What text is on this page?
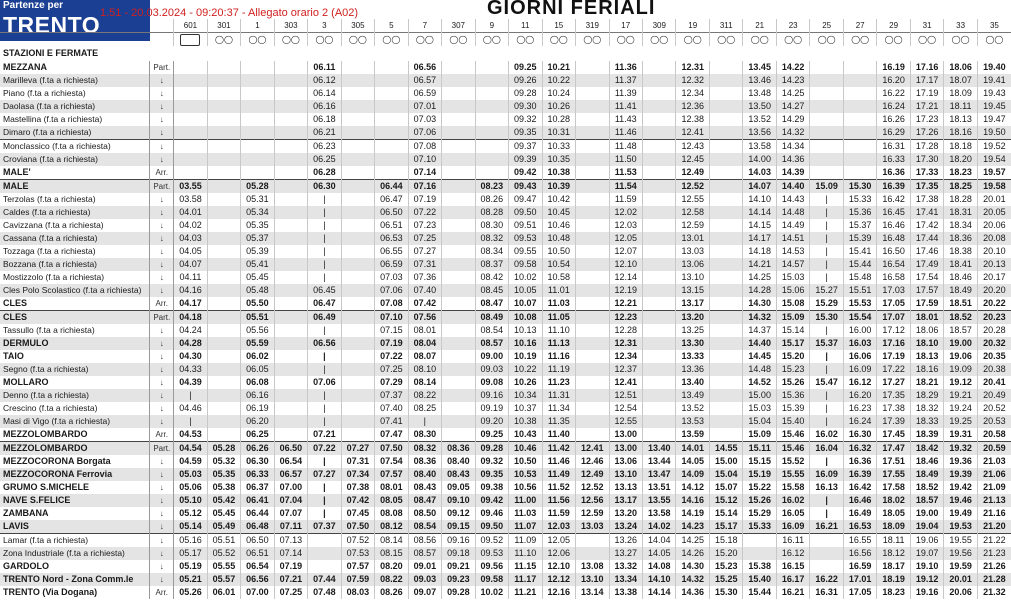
Partenze per
TRENTO 1.51 - 20.03.2024 - 09:20:37 - Allegato orario 2 (A02)	GIORNI FERIALI
		601	301	1	303	3	305	5	7	307	9	11	15	319	17	309	19	311	21	23	25	27	29	31	33	35
			◯◯	◯◯	◯◯	◯◯	◯◯	◯◯	◯◯	◯◯	◯◯	◯◯	◯◯	◯◯	◯◯	◯◯	◯◯	◯◯	◯◯	◯◯	◯◯	◯◯	◯◯	◯◯	◯◯	◯◯
STAZIONI E FERMATE																										
MEZZANA	Part.					06.11			06.56			09.25	10.21		11.36		12.31		13.45	14.22			16.19	17.16	18.06	19.40
Marilleva (f.ta a richiesta)	↓					06.12			06.57			09.26	10.22		11.37		12.32		13.46	14.23			16.20	17.17	18.07	19.41
Piano (f.ta a richiesta)	↓					06.14			06.59			09.28	10.24		11.39		12.34		13.48	14.25			16.22	17.19	18.09	19.43
Daolasa (f.ta a richiesta)	↓					06.16			07.01			09.30	10.26		11.41		12.36		13.50	14.27			16.24	17.21	18.11	19.45
Mastellina (f.ta a richiesta)	↓					06.18			07.03			09.32	10.28		11.43		12.38		13.52	14.29			16.26	17.23	18.13	19.47
Dimaro (f.ta a richiesta)	↓					06.21			07.06			09.35	10.31		11.46		12.41		13.56	14.32			16.29	17.26	18.16	19.50
Monclassico (f.ta a richiesta)	↓					06.23			07.08			09.37	10.33		11.48		12.43		13.58	14.34			16.31	17.28	18.18	19.52
Croviana (f.ta a richiesta)	↓					06.25			07.10			09.39	10.35		11.50		12.45		14.00	14.36			16.33	17.30	18.20	19.54
MALE'	Arr.					06.28			07.14			09.42	10.38		11.53		12.49		14.03	14.39			16.36	17.33	18.23	19.57
MALE	Part.	03.55		05.28		06.30		06.44	07.16		08.23	09.43	10.39		11.54		12.52		14.07	14.40	15.09	15.30	16.39	17.35	18.25	19.58
Terzolas (f.ta a richiesta)	↓	03.58		05.31		|		06.47	07.19		08.26	09.47	10.42		11.59		12.55		14.10	14.43	|	15.33	16.42	17.38	18.28	20.01
Caldes (f.ta a richiesta)	↓	04.01		05.34		|		06.50	07.22		08.28	09.50	10.45		12.02		12.58		14.14	14.48	|	15.36	16.45	17.41	18.31	20.05
Cavizzana (f.ta a richiesta)	↓	04.02		05.35		|		06.51	07.23		08.30	09.51	10.46		12.03		12.59		14.15	14.49	|	15.37	16.46	17.42	18.34	20.06
Cassana (f.ta a richiesta)	↓	04.03		05.37		|		06.53	07.25		08.32	09.53	10.48		12.05		13.01		14.17	14.51	|	15.39	16.48	17.44	18.36	20.08
Tozzaga (f.ta a richiesta)	↓	04.05		05.39		|		06.55	07.27		08.34	09.55	10.50		12.07		13.03		14.18	14.53	|	15.41	16.50	17.46	18.38	20.10
Bozzana (f.ta a richiesta)	↓	04.07		05.41		|		06.59	07.31		08.37	09.58	10.54		12.10		13.06		14.21	14.57	|	15.44	16.54	17.49	18.41	20.13
Mostizzolo (f.ta a richiesta)	↓	04.11		05.45		|		07.03	07.36		08.42	10.02	10.58		12.14		13.10		14.25	15.03	|	15.48	16.58	17.54	18.46	20.17
Cles Polo Scolastico (f.ta a richiesta)	↓	04.16		05.48		06.45		07.06	07.40		08.45	10.05	11.01		12.19		13.15		14.28	15.06	15.27	15.51	17.03	17.57	18.49	20.20
CLES	Arr.	04.17		05.50		06.47		07.08	07.42		08.47	10.07	11.03		12.21		13.17		14.30	15.08	15.29	15.53	17.05	17.59	18.51	20.22
CLES	Part.	04.18		05.51		06.49		07.10	07.56		08.49	10.08	11.05		12.23		13.20		14.32	15.09	15.30	15.54	17.07	18.01	18.52	20.23
Tassullo (f.ta a richiesta)	↓	04.24		05.56		|		07.15	08.01		08.54	10.13	11.10		12.28		13.25		14.37	15.14	|	16.00	17.12	18.06	18.57	20.28
DERMULO	↓	04.28		05.59		06.56		07.19	08.04		08.57	10.16	11.13		12.31		13.30		14.40	15.17	15.37	16.03	17.16	18.10	19.00	20.32
TAIO	↓	04.30		06.02		|		07.22	08.07		09.00	10.19	11.16		12.34		13.33		14.45	15.20	|	16.06	17.19	18.13	19.06	20.35
Segno (f.ta a richiesta)	↓	04.33		06.05		|		07.25	08.10		09.03	10.22	11.19		12.37		13.36		14.48	15.23	|	16.09	17.22	18.16	19.09	20.38
MOLLARO	↓	04.39		06.08		07.06		07.29	08.14		09.08	10.26	11.23		12.41		13.40		14.52	15.26	15.47	16.12	17.27	18.21	19.12	20.41
Denno (f.ta a richiesta)	↓	|		06.16		|		07.37	08.22		09.16	10.34	11.31		12.51		13.49		15.00	15.36	|	16.20	17.35	18.29	19.21	20.49
Crescino (f.ta a richiesta)	↓	04.46		06.19		|		07.40	08.25		09.19	10.37	11.34		12.54		13.52		15.03	15.39	|	16.23	17.38	18.32	19.24	20.52
Masi di Vigo (f.ta a richiesta)	↓	|		06.20		|		07.41	|		09.20	10.38	11.35		12.55		13.53		15.04	15.40	|	16.24	17.39	18.33	19.25	20.53
MEZZOLOMBARDO	Arr.	04.53		06.25		07.21		07.47	08.30		09.25	10.43	11.40		13.00		13.59		15.09	15.46	16.02	16.30	17.45	18.39	19.31	20.58
MEZZOLOMBARDO	Part.	04.54	05.28	06.26	06.50	07.22	07.27	07.50	08.32	08.36	09.28	10.46	11.42	12.41	13.00	13.40	14.01	14.55	15.11	15.46	16.04	16.32	17.47	18.42	19.32	20.59
MEZZOCORONA Borgata	↓	04.59	05.32	06.30	06.54	|	07.31	07.54	08.36	08.40	09.32	10.50	11.46	12.46	13.06	13.44	14.05	15.00	15.15	15.52	|	16.36	17.51	18.46	19.36	21.03
MEZZOCORONA Ferrovia	↓	05.03	05.35	06.33	06.57	07.27	07.34	07.57	08.40	08.43	09.35	10.53	11.49	12.49	13.10	13.47	14.09	15.04	15.19	15.55	16.09	16.39	17.55	18.49	19.39	21.06
GRUMO S.MICHELE	↓	05.06	05.38	06.37	07.00	|	07.38	08.01	08.43	09.05	09.38	10.56	11.52	12.52	13.13	13.51	14.12	15.07	15.22	15.58	16.13	16.42	17.58	18.52	19.42	21.09
NAVE S.FELICE	↓	05.10	05.42	06.41	07.04	|	07.42	08.05	08.47	09.10	09.42	11.00	11.56	12.56	13.17	13.55	14.16	15.12	15.26	16.02	|	16.46	18.02	18.57	19.46	21.13
ZAMBANA	↓	05.12	05.45	06.44	07.07	|	07.45	08.08	08.50	09.12	09.46	11.03	11.59	12.59	13.20	13.58	14.19	15.14	15.29	16.05	|	16.49	18.05	19.00	19.49	21.16
LAVIS	↓	05.14	05.49	06.48	07.11	07.37	07.50	08.12	08.54	09.15	09.50	11.07	12.03	13.03	13.24	14.02	14.23	15.17	15.33	16.09	16.21	16.53	18.09	19.04	19.53	21.20
Lamar (f.ta a richiesta)	↓	05.16	05.51	06.50	07.13		07.52	08.14	08.56	09.16	09.52	11.09	12.05		13.26	14.04	14.25	15.18		16.11		16.55	18.11	19.06	19.55	21.22
Zona Industriale (f.ta a richiesta)	↓	05.17	05.52	06.51	07.14		07.53	08.15	08.57	09.18	09.53	11.10	12.06		13.27	14.05	14.26	15.20		16.12		16.56	18.12	19.07	19.56	21.23
GARDOLO	↓	05.19	05.55	06.54	07.19		07.57	08.20	09.01	09.21	09.56	11.15	12.10	13.08	13.32	14.08	14.30	15.23	15.38	16.15		16.59	18.17	19.10	19.59	21.26
TRENTO Nord - Zona Comm.le	↓	05.21	05.57	06.56	07.21	07.44	07.59	08.22	09.03	09.23	09.58	11.17	12.12	13.10	13.34	14.10	14.32	15.25	15.40	16.17	16.22	17.01	18.19	19.12	20.01	21.28
TRENTO (Via Dogana)	Arr.	05.26	06.01	07.00	07.25	07.48	08.03	08.26	09.07	09.28	10.02	11.21	12.16	13.14	13.38	14.14	14.36	15.30	15.44	16.21	16.31	17.05	18.23	19.16	20.06	21.32
